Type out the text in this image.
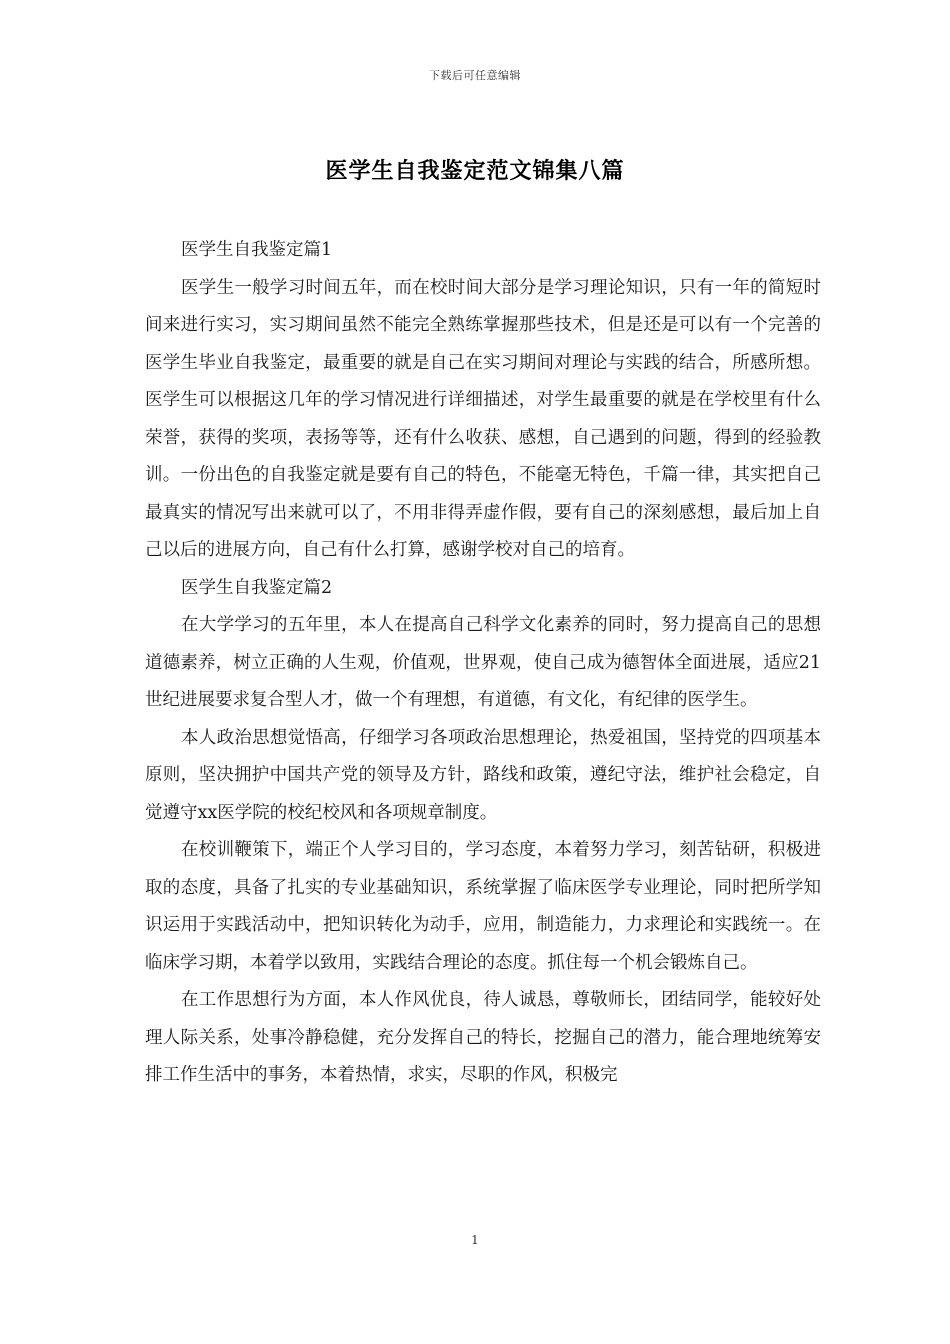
下载后可任意编辑
医学生自我鉴定范文锦集八篇

医学生自我鉴定篇1

医学生一般学习时间五年，而在校时间大部分是学习理论知识，只有一年的简短时间来进行实习，实习期间虽然不能完全熟练掌握那些技术，但是还是可以有一个完善的医学生毕业自我鉴定，最重要的就是自己在实习期间对理论与实践的结合，所感所想。医学生可以根据这几年的学习情况进行详细描述，对学生最重要的就是在学校里有什么荣誉，获得的奖项，表扬等等，还有什么收获、感想，自己遇到的问题，得到的经验教训。一份出色的自我鉴定就是要有自己的特色，不能毫无特色，千篇一律，其实把自己最真实的情况写出来就可以了，不用非得弄虚作假，要有自己的深刻感想，最后加上自己以后的进展方向，自己有什么打算，感谢学校对自己的培育。

医学生自我鉴定篇2

在大学学习的五年里，本人在提高自己科学文化素养的同时，努力提高自己的思想道德素养，树立正确的人生观，价值观，世界观，使自己成为德智体全面进展，适应21世纪进展要求复合型人才，做一个有理想，有道德，有文化，有纪律的医学生。

本人政治思想觉悟高，仔细学习各项政治思想理论，热爱祖国，坚持党的四项基本原则，坚决拥护中国共产党的领导及方针，路线和政策，遵纪守法，维护社会稳定，自觉遵守xx医学院的校纪校风和各项规章制度。

在校训鞭策下，端正个人学习目的，学习态度，本着努力学习，刻苦钻研，积极进取的态度，具备了扎实的专业基础知识，系统掌握了临床医学专业理论，同时把所学知识运用于实践活动中，把知识转化为动手，应用，制造能力，力求理论和实践统一。在临床学习期，本着学以致用，实践结合理论的态度。抓住每一个机会锻炼自己。

在工作思想行为方面，本人作风优良，待人诚恳，尊敬师长，团结同学，能较好处理人际关系，处事冷静稳健，充分发挥自己的特长，挖掘自己的潜力，能合理地统筹安排工作生活中的事务，本着热情，求实，尽职的作风，积极完

1
